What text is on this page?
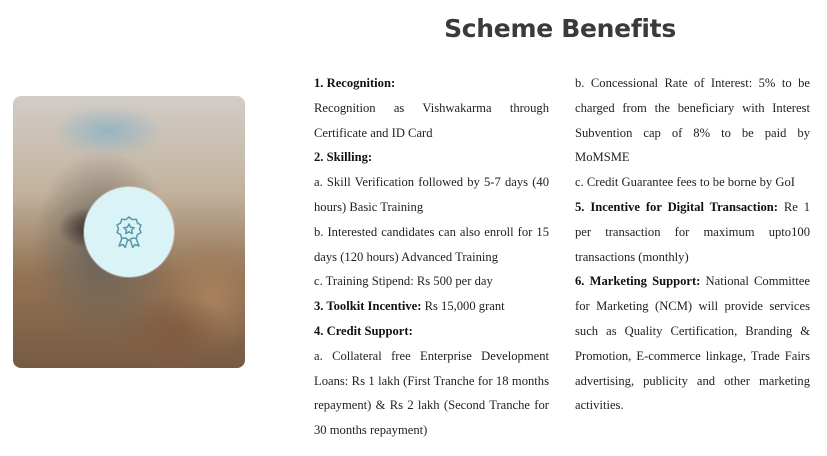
Scheme Benefits

1. Recognition:

Recognition as Vishwakarma through Certificate and ID Card

2. Skilling:

a. Skill Verification followed by 5-7 days (40 hours) Basic Training

b. Interested candidates can also enroll for 15 days (120 hours) Advanced Training

c. Training Stipend: Rs 500 per day

3. Toolkit Incentive: Rs 15,000 grant

4. Credit Support:

a. Collateral free Enterprise Development Loans: Rs 1 lakh (First Tranche for 18 months repayment) & Rs 2 lakh (Second Tranche for 30 months repayment)

b. Concessional Rate of Interest: 5% to be charged from the beneficiary with Interest Subvention cap of 8% to be paid by MoMSME

c. Credit Guarantee fees to be borne by GoI

5. Incentive for Digital Transaction: Re 1 per transaction for maximum upto100 transactions (monthly)

6. Marketing Support: National Committee for Marketing (NCM) will provide services such as Quality Certification, Branding & Promotion, E-commerce linkage, Trade Fairs advertising, publicity and other marketing activities.
